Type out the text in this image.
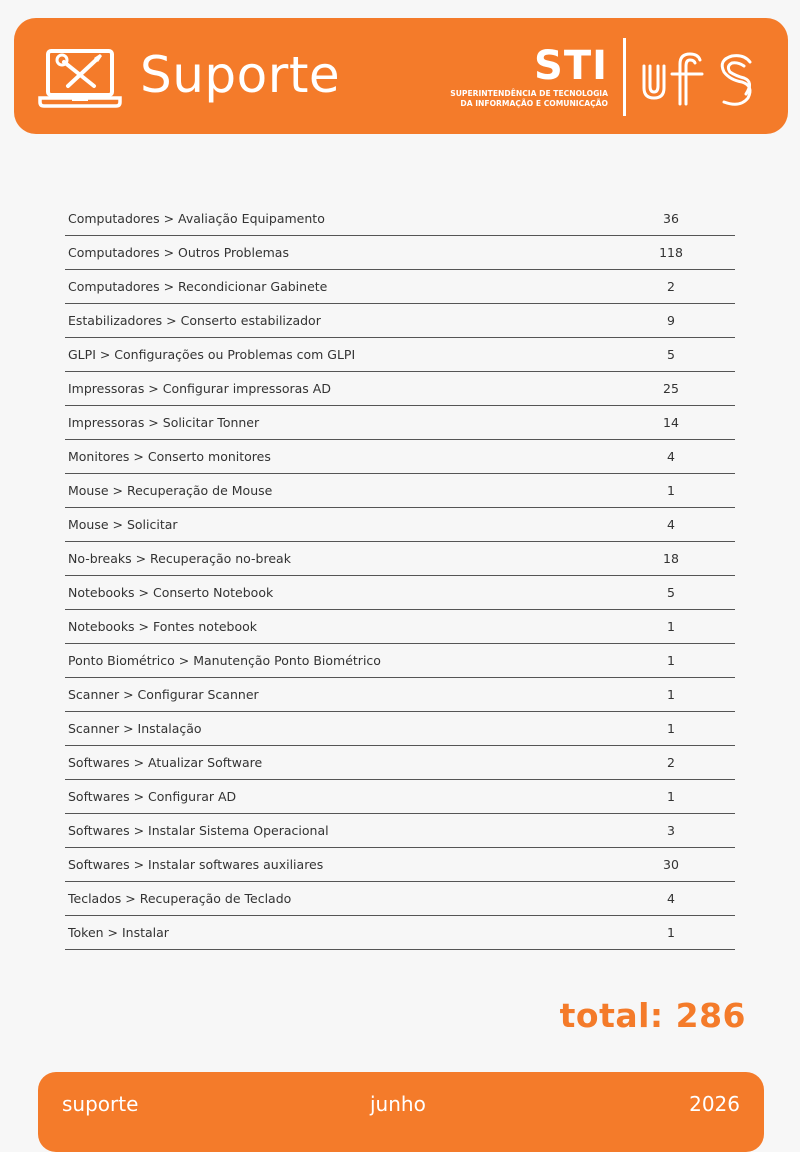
Suporte	STI
SUPERINTENDÊNCIA DE TECNOLOGIA
DA INFORMAÇÃO E COMUNICAÇÃO
Computadores > Avaliação Equipamento	36
Computadores > Outros Problemas	118
Computadores > Recondicionar Gabinete	2
Estabilizadores > Conserto estabilizador	9
GLPI > Configurações ou Problemas com GLPI	5
Impressoras > Configurar impressoras AD	25
Impressoras > Solicitar Tonner	14
Monitores > Conserto monitores	4
Mouse > Recuperação de Mouse	1
Mouse > Solicitar	4
No-breaks > Recuperação no-break	18
Notebooks > Conserto Notebook	5
Notebooks > Fontes notebook	1
Ponto Biométrico > Manutenção Ponto Biométrico	1
Scanner > Configurar Scanner	1
Scanner > Instalação	1
Softwares > Atualizar Software	2
Softwares > Configurar AD	1
Softwares > Instalar Sistema Operacional	3
Softwares > Instalar softwares auxiliares	30
Teclados > Recuperação de Teclado	4
Token > Instalar	1
total: 286
suporte	junho	2026
